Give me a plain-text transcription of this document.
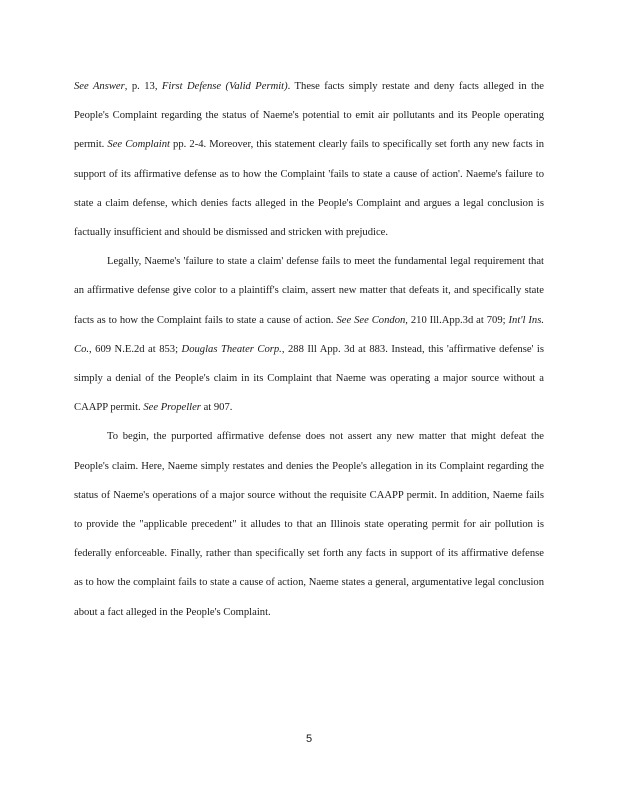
See Answer, p. 13, First Defense (Valid Permit). These facts simply restate and deny facts alleged in the People's Complaint regarding the status of Naeme's potential to emit air pollutants and its People operating permit. See Complaint pp. 2-4. Moreover, this statement clearly fails to specifically set forth any new facts in support of its affirmative defense as to how the Complaint 'fails to state a cause of action'. Naeme's failure to state a claim defense, which denies facts alleged in the People's Complaint and argues a legal conclusion is factually insufficient and should be dismissed and stricken with prejudice.

Legally, Naeme's 'failure to state a claim' defense fails to meet the fundamental legal requirement that an affirmative defense give color to a plaintiff's claim, assert new matter that defeats it, and specifically state facts as to how the Complaint fails to state a cause of action. See See Condon, 210 Ill.App.3d at 709; Int'l Ins. Co., 609 N.E.2d at 853; Douglas Theater Corp., 288 Ill App. 3d at 883. Instead, this 'affirmative defense' is simply a denial of the People's claim in its Complaint that Naeme was operating a major source without a CAAPP permit. See Propeller at 907.

To begin, the purported affirmative defense does not assert any new matter that might defeat the People's claim. Here, Naeme simply restates and denies the People's allegation in its Complaint regarding the status of Naeme's operations of a major source without the requisite CAAPP permit. In addition, Naeme fails to provide the "applicable precedent" it alludes to that an Illinois state operating permit for air pollution is federally enforceable. Finally, rather than specifically set forth any facts in support of its affirmative defense as to how the complaint fails to state a cause of action, Naeme states a general, argumentative legal conclusion about a fact alleged in the People's Complaint.

5
